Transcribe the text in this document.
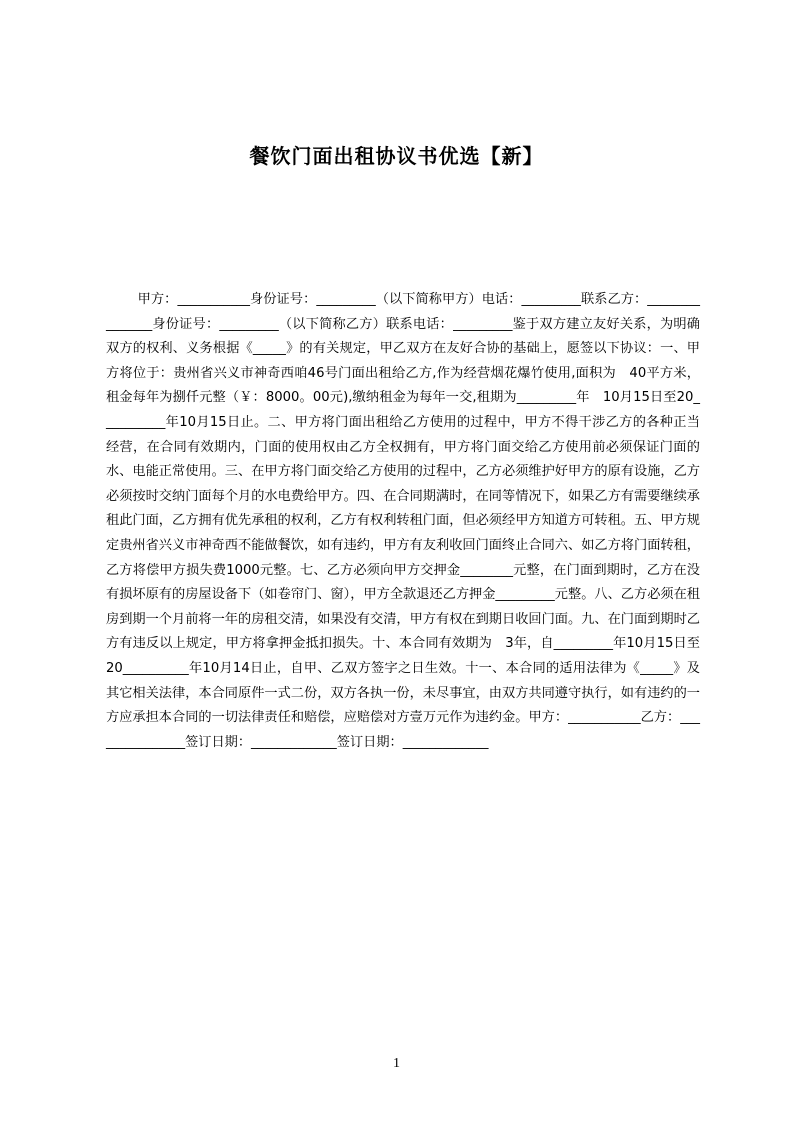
餐饮门面出租协议书优选【新】

甲方：___________身份证号：_________（以下简称甲方）电话：_________联系乙方：_______________身份证号：_________（以下简称乙方）联系电话：_________鉴于双方建立友好关系，为明确双方的权利、义务根据《_____》的有关规定，甲乙双方在友好合协的基础上，愿签以下协议：一、甲方将位于：贵州省兴义市神奇西咱46号门面出租给乙方,作为经营烟花爆竹使用,面积为　40平方米，租金每年为捌仟元整（￥：8000。00元),缴纳租金为每年一交,租期为_________年　10月15日至20__________年10月15日止。二、甲方将门面出租给乙方使用的过程中，甲方不得干涉乙方的各种正当经营，在合同有效期内，门面的使用权由乙方全权拥有，甲方将门面交给乙方使用前必须保证门面的水、电能正常使用。三、在甲方将门面交给乙方使用的过程中，乙方必须维护好甲方的原有设施，乙方必须按时交纳门面每个月的水电费给甲方。四、在合同期满时，在同等情况下，如果乙方有需要继续承租此门面，乙方拥有优先承租的权利，乙方有权利转租门面，但必须经甲方知道方可转租。五、甲方规定贵州省兴义市神奇西不能做餐饮，如有违约，甲方有友利收回门面终止合同六、如乙方将门面转租，乙方将偿甲方损失费1000元整。七、乙方必须向甲方交押金________元整，在门面到期时，乙方在没有损坏原有的房屋设备下（如卷帘门、窗），甲方全款退还乙方押金_________元整。八、乙方必须在租房到期一个月前将一年的房租交清，如果没有交清，甲方有权在到期日收回门面。九、在门面到期时乙方有违反以上规定，甲方将拿押金抵扣损失。十、本合同有效期为　3年，自_________年10月15日至20__________年10月14日止，自甲、乙双方签字之日生效。十一、本合同的适用法律为《_____》及其它相关法律，本合同原件一式二份，双方各执一份，未尽事宜，由双方共同遵守执行，如有违约的一方应承担本合同的一切法律责任和赔偿，应赔偿对方壹万元作为违约金。甲方：___________乙方：_______________签订日期：_____________签订日期：_____________

1
